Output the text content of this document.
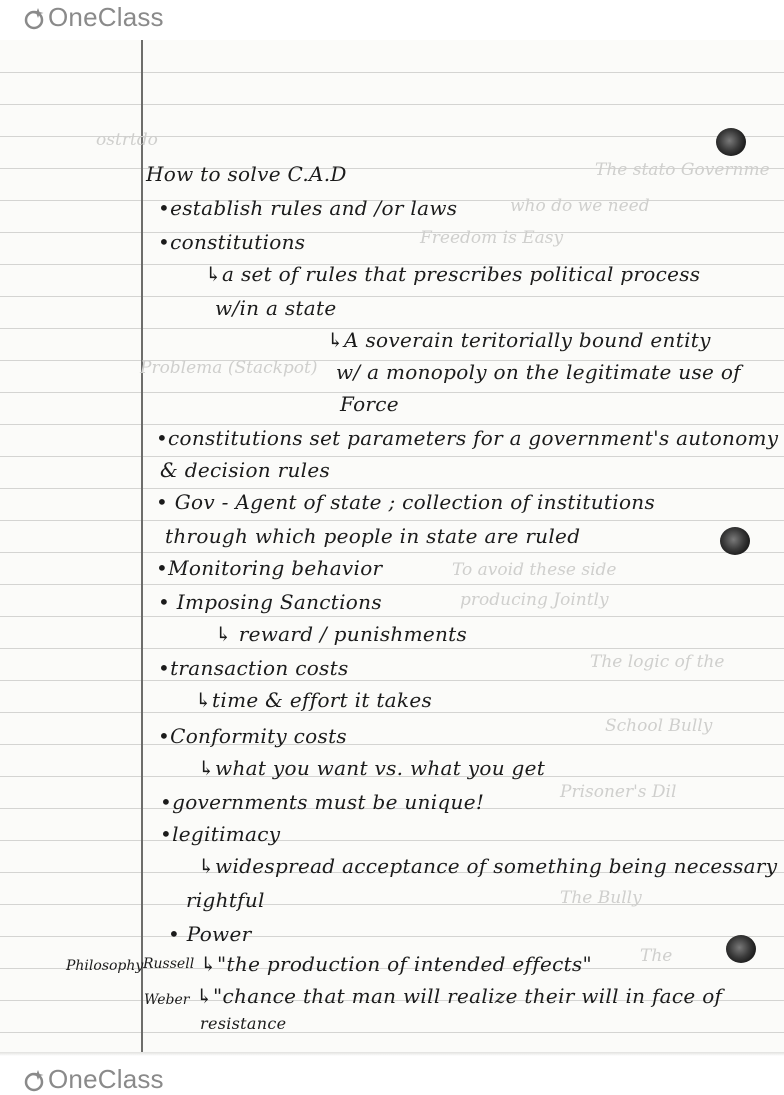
OneClass
ostrtdo
The stato Governme
who do we need
Freedom is Easy
Problema (Stackpot)
To avoid these side
producing Jointly
The logic of the
School Bully
Prisoner's Dil
The Bully
The
How to solve C.A.D
•establish rules and /or laws
•constitutions
↳a set of rules that prescribes political process
w/in a state
↳A soverain teritorially bound entity
w/ a monopoly on the legitimate use of
Force
•constitutions set parameters for a government's autonomy
& decision rules
• Gov - Agent of state ; collection of institutions
through which people in state are ruled
•Monitoring behavior
• Imposing Sanctions
↳ reward / punishments
•transaction costs
↳time & effort it takes
•Conformity costs
↳what you want vs. what you get
•governments must be unique!
•legitimacy
↳widespread acceptance of something being necessary
rightful
• Power
↳"the production of intended effects"
↳"chance that man will realize their will in face of
resistance
Philosophy Russell
Weber
OneClass
